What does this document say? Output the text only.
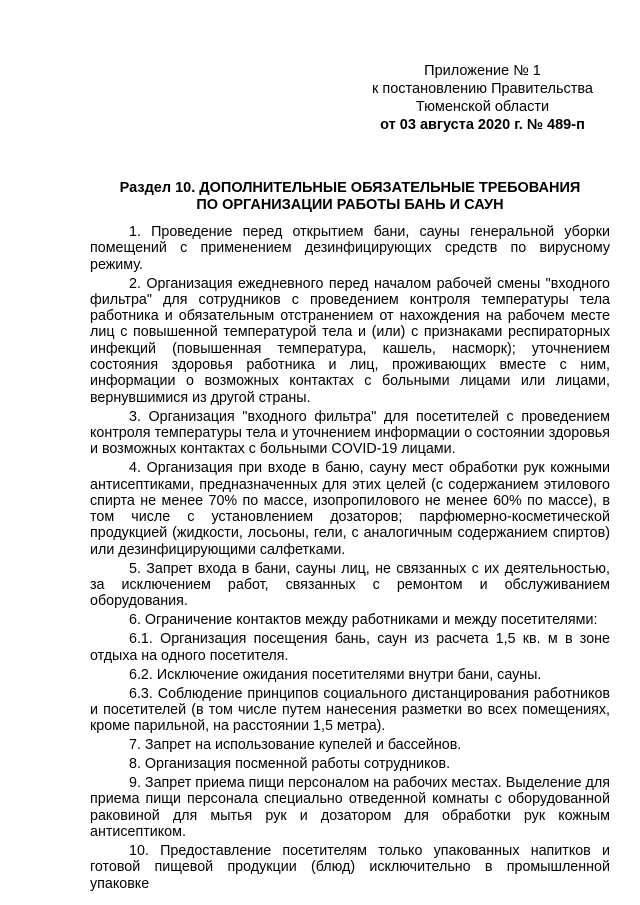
Приложение № 1
к постановлению Правительства
Тюменской области
от 03 августа 2020 г. № 489-п
Раздел 10. ДОПОЛНИТЕЛЬНЫЕ ОБЯЗАТЕЛЬНЫЕ ТРЕБОВАНИЯ
ПО ОРГАНИЗАЦИИ РАБОТЫ БАНЬ И САУН

1. Проведение перед открытием бани, сауны генеральной уборки помещений с применением дезинфицирующих средств по вирусному режиму.

2. Организация ежедневного перед началом рабочей смены "входного фильтра" для сотрудников с проведением контроля температуры тела работника и обязательным отстранением от нахождения на рабочем месте лиц с повышенной температурой тела и (или) с признаками респираторных инфекций (повышенная температура, кашель, насморк); уточнением состояния здоровья работника и лиц, проживающих вместе с ним, информации о возможных контактах с больными лицами или лицами, вернувшимися из другой страны.

3. Организация "входного фильтра" для посетителей с проведением контроля температуры тела и уточнением информации о состоянии здоровья и возможных контактах с больными COVID-19 лицами.

4. Организация при входе в баню, сауну мест обработки рук кожными антисептиками, предназначенных для этих целей (с содержанием этилового спирта не менее 70% по массе, изопропилового не менее 60% по массе), в том числе с установлением дозаторов; парфюмерно-косметической продукцией (жидкости, лосьоны, гели, с аналогичным содержанием спиртов) или дезинфицирующими салфетками.

5. Запрет входа в бани, сауны лиц, не связанных с их деятельностью, за исключением работ, связанных с ремонтом и обслуживанием оборудования.

6. Ограничение контактов между работниками и между посетителями:

6.1. Организация посещения бань, саун из расчета 1,5 кв. м в зоне отдыха на одного посетителя.

6.2. Исключение ожидания посетителями внутри бани, сауны.

6.3. Соблюдение принципов социального дистанцирования работников и посетителей (в том числе путем нанесения разметки во всех помещениях, кроме парильной, на расстоянии 1,5 метра).

7. Запрет на использование купелей и бассейнов.

8. Организация посменной работы сотрудников.

9. Запрет приема пищи персоналом на рабочих местах. Выделение для приема пищи персонала специально отведенной комнаты с оборудованной раковиной для мытья рук и дозатором для обработки рук кожным антисептиком.

10. Предоставление посетителям только упакованных напитков и готовой пищевой продукции (блюд) исключительно в промышленной упаковке
